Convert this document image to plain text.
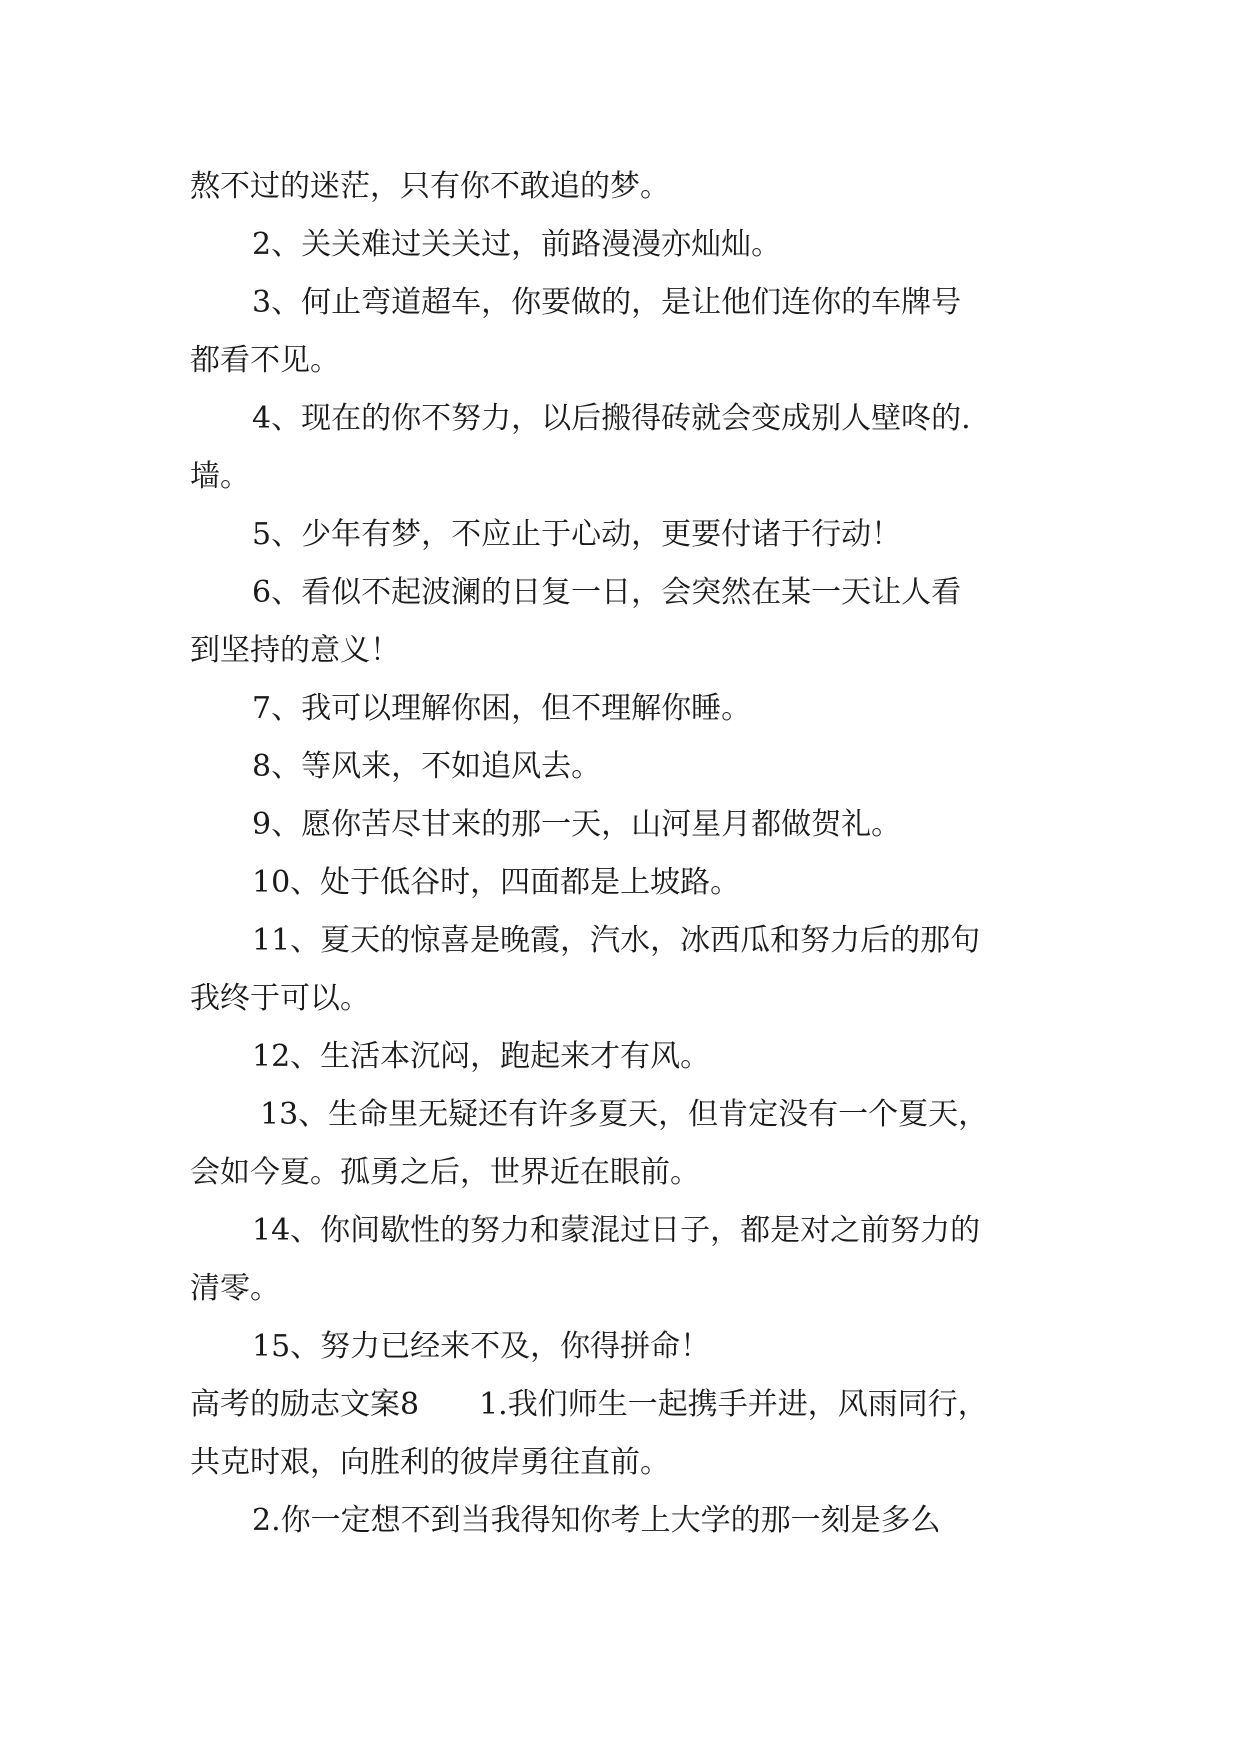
熬不过的迷茫，只有你不敢追的梦。
2、关关难过关关过，前路漫漫亦灿灿。
3、何止弯道超车，你要做的，是让他们连你的车牌号
都看不见。
4、现在的你不努力，以后搬得砖就会变成别人壁咚的.
墙。
5、少年有梦，不应止于心动，更要付诸于行动！
6、看似不起波澜的日复一日，会突然在某一天让人看
到坚持的意义！
7、我可以理解你困，但不理解你睡。
8、等风来，不如追风去。
9、愿你苦尽甘来的那一天，山河星月都做贺礼。
10、处于低谷时，四面都是上坡路。
11、夏天的惊喜是晚霞，汽水，冰西瓜和努力后的那句
我终于可以。
12、生活本沉闷，跑起来才有风。
13、生命里无疑还有许多夏天，但肯定没有一个夏天，
会如今夏。孤勇之后，世界近在眼前。
14、你间歇性的努力和蒙混过日子，都是对之前努力的
清零。
15、努力已经来不及，你得拼命！
高考的励志文案8 1.我们师生一起携手并进，风雨同行，
共克时艰，向胜利的彼岸勇往直前。
2.你一定想不到当我得知你考上大学的那一刻是多么
